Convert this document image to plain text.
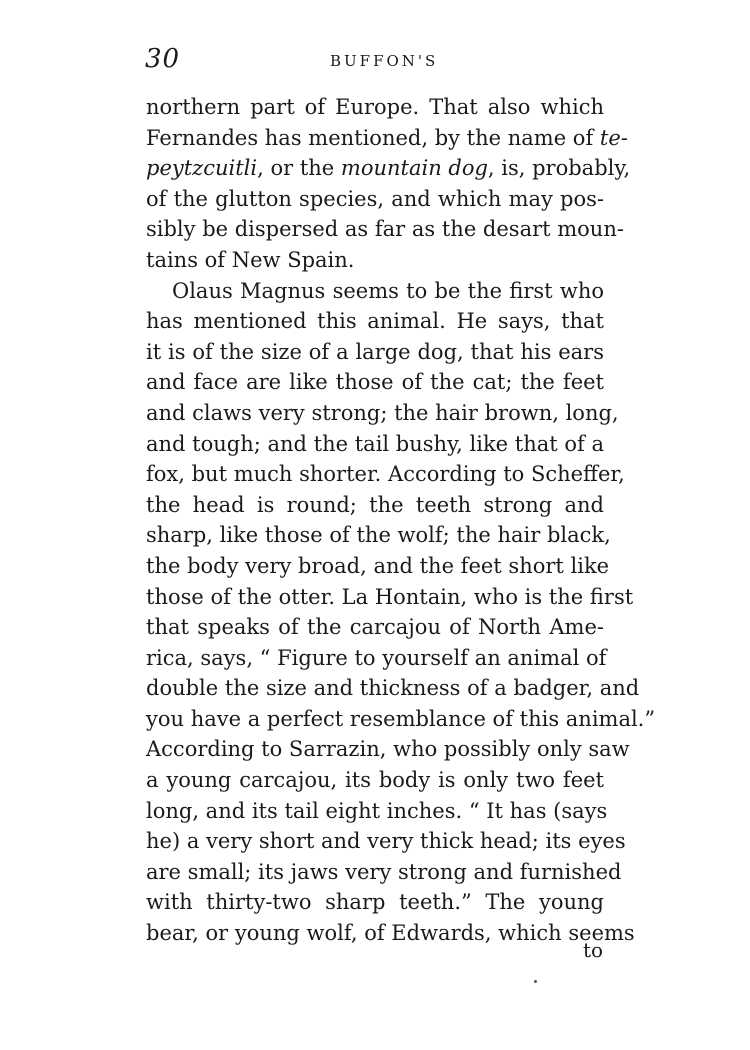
30	BUFFON'S
northern part of Europe. That also which
Fernandes has mentioned, by the name of te-
peytzcuitli, or the mountain dog, is, probably,
of the glutton species, and which may pos-
sibly be dispersed as far as the desart moun-
tains of New Spain.
Olaus Magnus seems to be the first who
has mentioned this animal. He says, that
it is of the size of a large dog, that his ears
and face are like those of the cat; the feet
and claws very strong; the hair brown, long,
and tough; and the tail bushy, like that of a
fox, but much shorter. According to Scheffer,
the head is round; the teeth strong and
sharp, like those of the wolf; the hair black,
the body very broad, and the feet short like
those of the otter. La Hontain, who is the first
that speaks of the carcajou of North Ame-
rica, says, “ Figure to yourself an animal of
double the size and thickness of a badger, and
you have a perfect resemblance of this animal.”
According to Sarrazin, who possibly only saw
a young carcajou, its body is only two feet
long, and its tail eight inches. “ It has (says
he) a very short and very thick head; its eyes
are small; its jaws very strong and furnished
with thirty-two sharp teeth.” The young
bear, or young wolf, of Edwards, which seems
to
